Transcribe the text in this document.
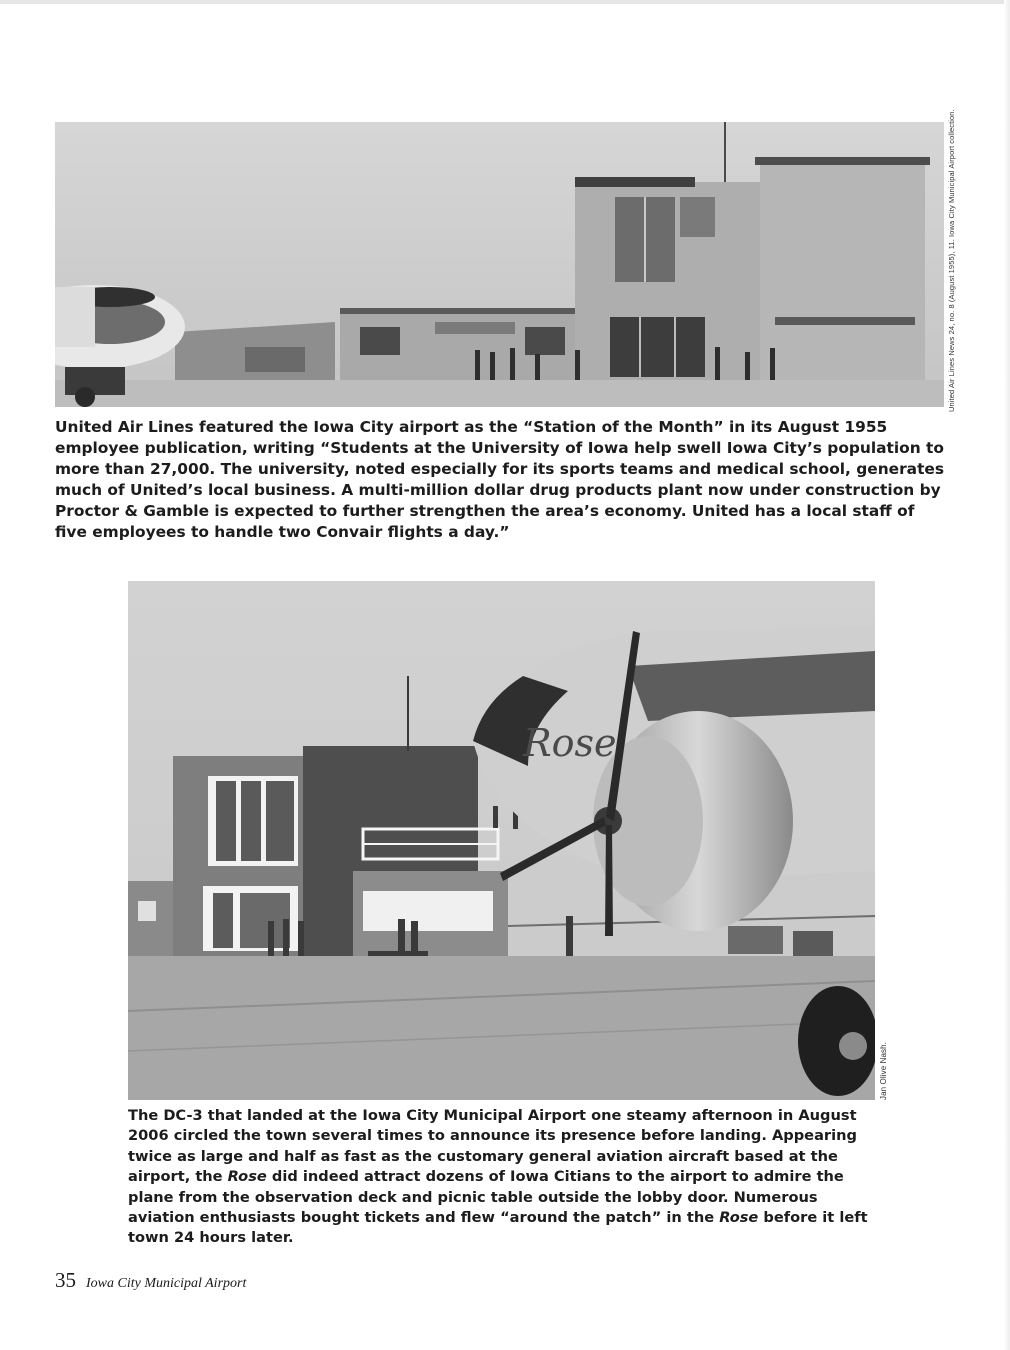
United Air Lines News 24, no. 8 (August 1955), 11. Iowa City Municipal Airport collection.

United Air Lines featured the Iowa City airport as the “Station of the Month” in its August 1955 employee publication, writing “Students at the University of Iowa help swell Iowa City’s population to more than 27,000. The university, noted especially for its sports teams and medical school, generates much of United’s local business. A multi-million dollar drug products plant now under construction by Proctor & Gamble is expected to further strengthen the area’s economy. United has a local staff of five employees to handle two Convair flights a day.”

Rose
Jan Olive Nash.

The DC-3 that landed at the Iowa City Municipal Airport one steamy afternoon in August 2006 circled the town several times to announce its presence before landing. Appearing twice as large and half as fast as the customary general aviation aircraft based at the airport, the Rose did indeed attract dozens of Iowa Citians to the airport to admire the plane from the observation deck and picnic table outside the lobby door. Numerous aviation enthusiasts bought tickets and flew “around the patch” in the Rose before it left town 24 hours later.

35 Iowa City Municipal Airport
